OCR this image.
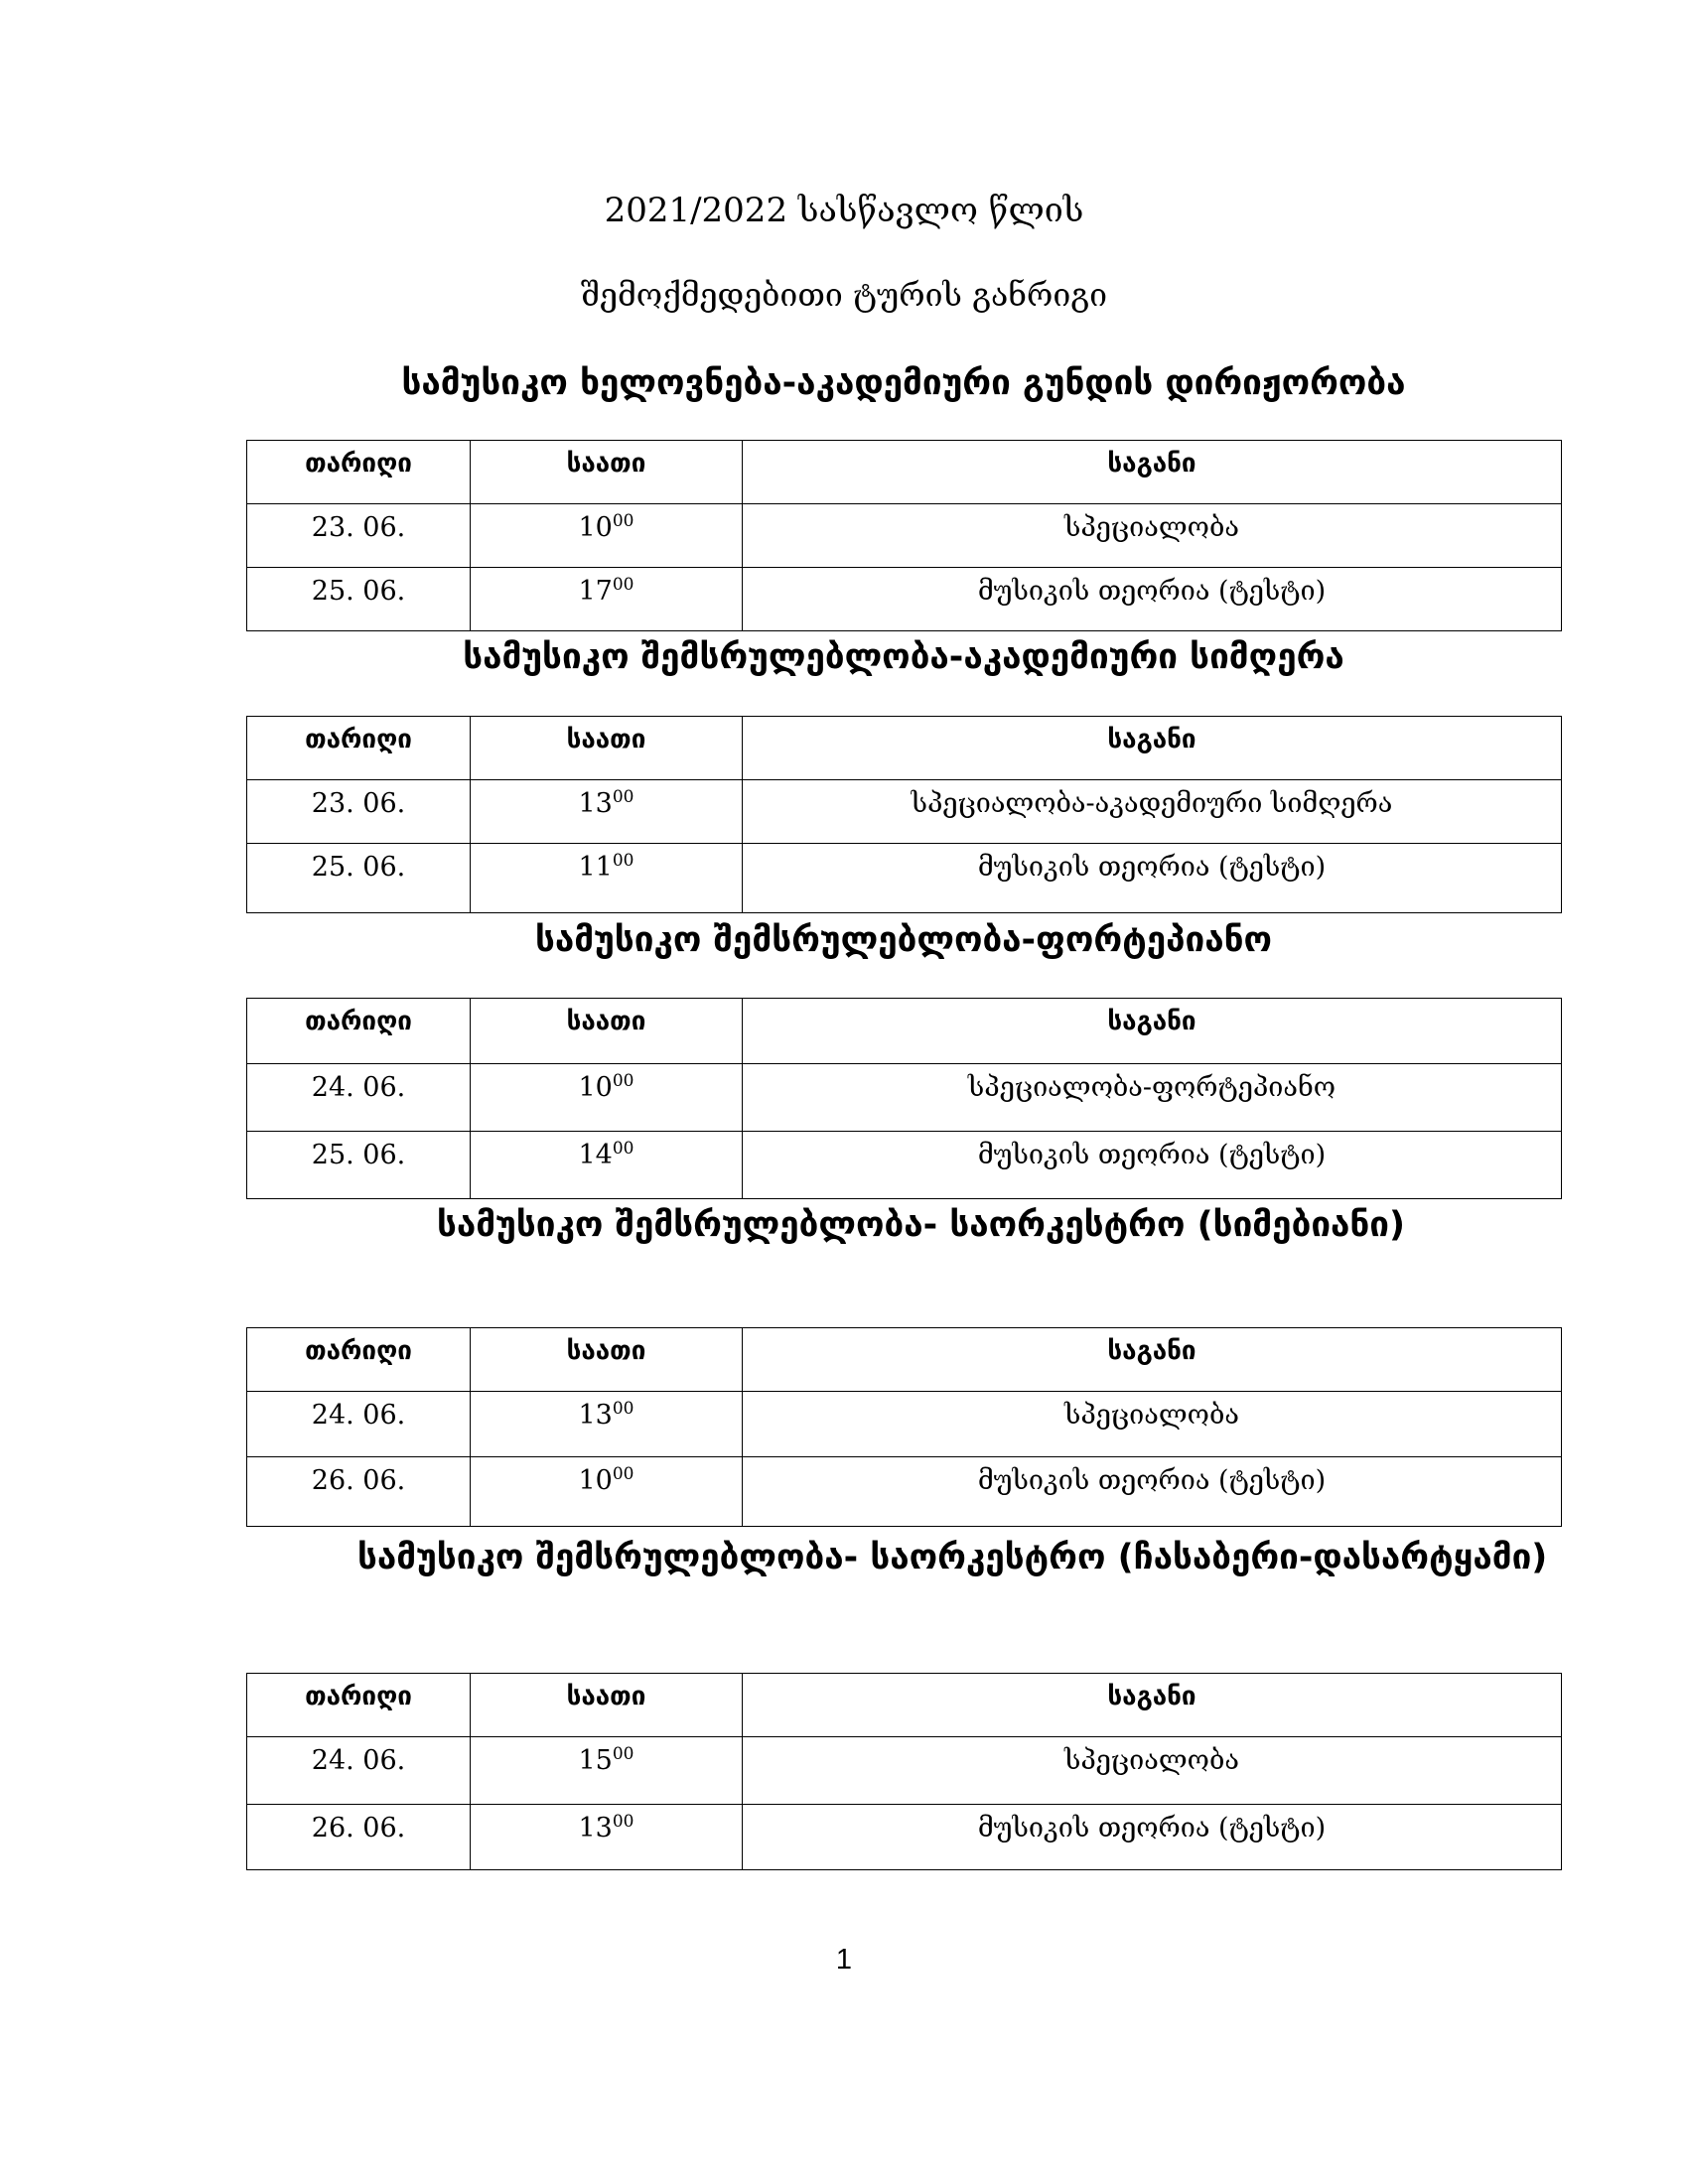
2021/2022 სასწავლო წლის
შემოქმედებითი ტურის განრიგი
სამუსიკო ხელოვნება-აკადემიური გუნდის დირიჟორობა
თარიღი	საათი	საგანი
23. 06.	$10^{00}$	სპეციალობა
25. 06.	$17^{00}$	მუსიკის თეორია (ტესტი)
სამუსიკო შემსრულებლობა-აკადემიური სიმღერა
თარიღი	საათი	საგანი
23. 06.	$13^{00}$	სპეციალობა-აკადემიური სიმღერა
25. 06.	$11^{00}$	მუსიკის თეორია (ტესტი)
სამუსიკო შემსრულებლობა-ფორტეპიანო
თარიღი	საათი	საგანი
24. 06.	$10^{00}$	სპეციალობა-ფორტეპიანო
25. 06.	$14^{00}$	მუსიკის თეორია (ტესტი)
სამუსიკო შემსრულებლობა- საორკესტრო (სიმებიანი)
თარიღი	საათი	საგანი
24. 06.	$13^{00}$	სპეციალობა
26. 06.	$10^{00}$	მუსიკის თეორია (ტესტი)
სამუსიკო შემსრულებლობა- საორკესტრო (ჩასაბერი-დასარტყამი)
თარიღი	საათი	საგანი
24. 06.	$15^{00}$	სპეციალობა
26. 06.	$13^{00}$	მუსიკის თეორია (ტესტი)
1
